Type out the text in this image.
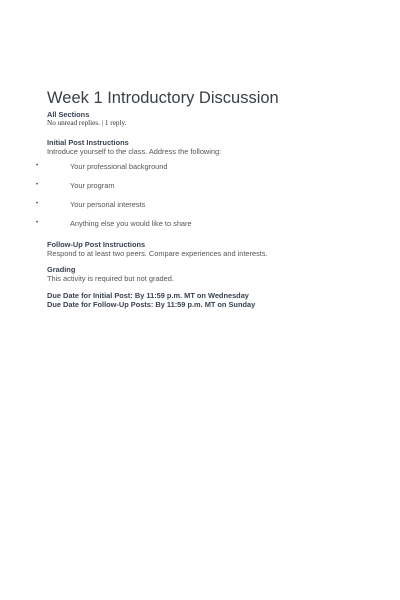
Week 1 Introductory Discussion
All Sections
No unread replies. | 1 reply.
Initial Post Instructions
Introduce yourself to the class. Address the following:
•	Your professional background
•	Your program
•	Your personal interests
•	Anything else you would like to share
Follow-Up Post Instructions
Respond to at least two peers. Compare experiences and interests.
Grading
This activity is required but not graded.
Due Date for Initial Post: By 11:59 p.m. MT on Wednesday
Due Date for Follow-Up Posts: By 11:59 p.m. MT on Sunday
